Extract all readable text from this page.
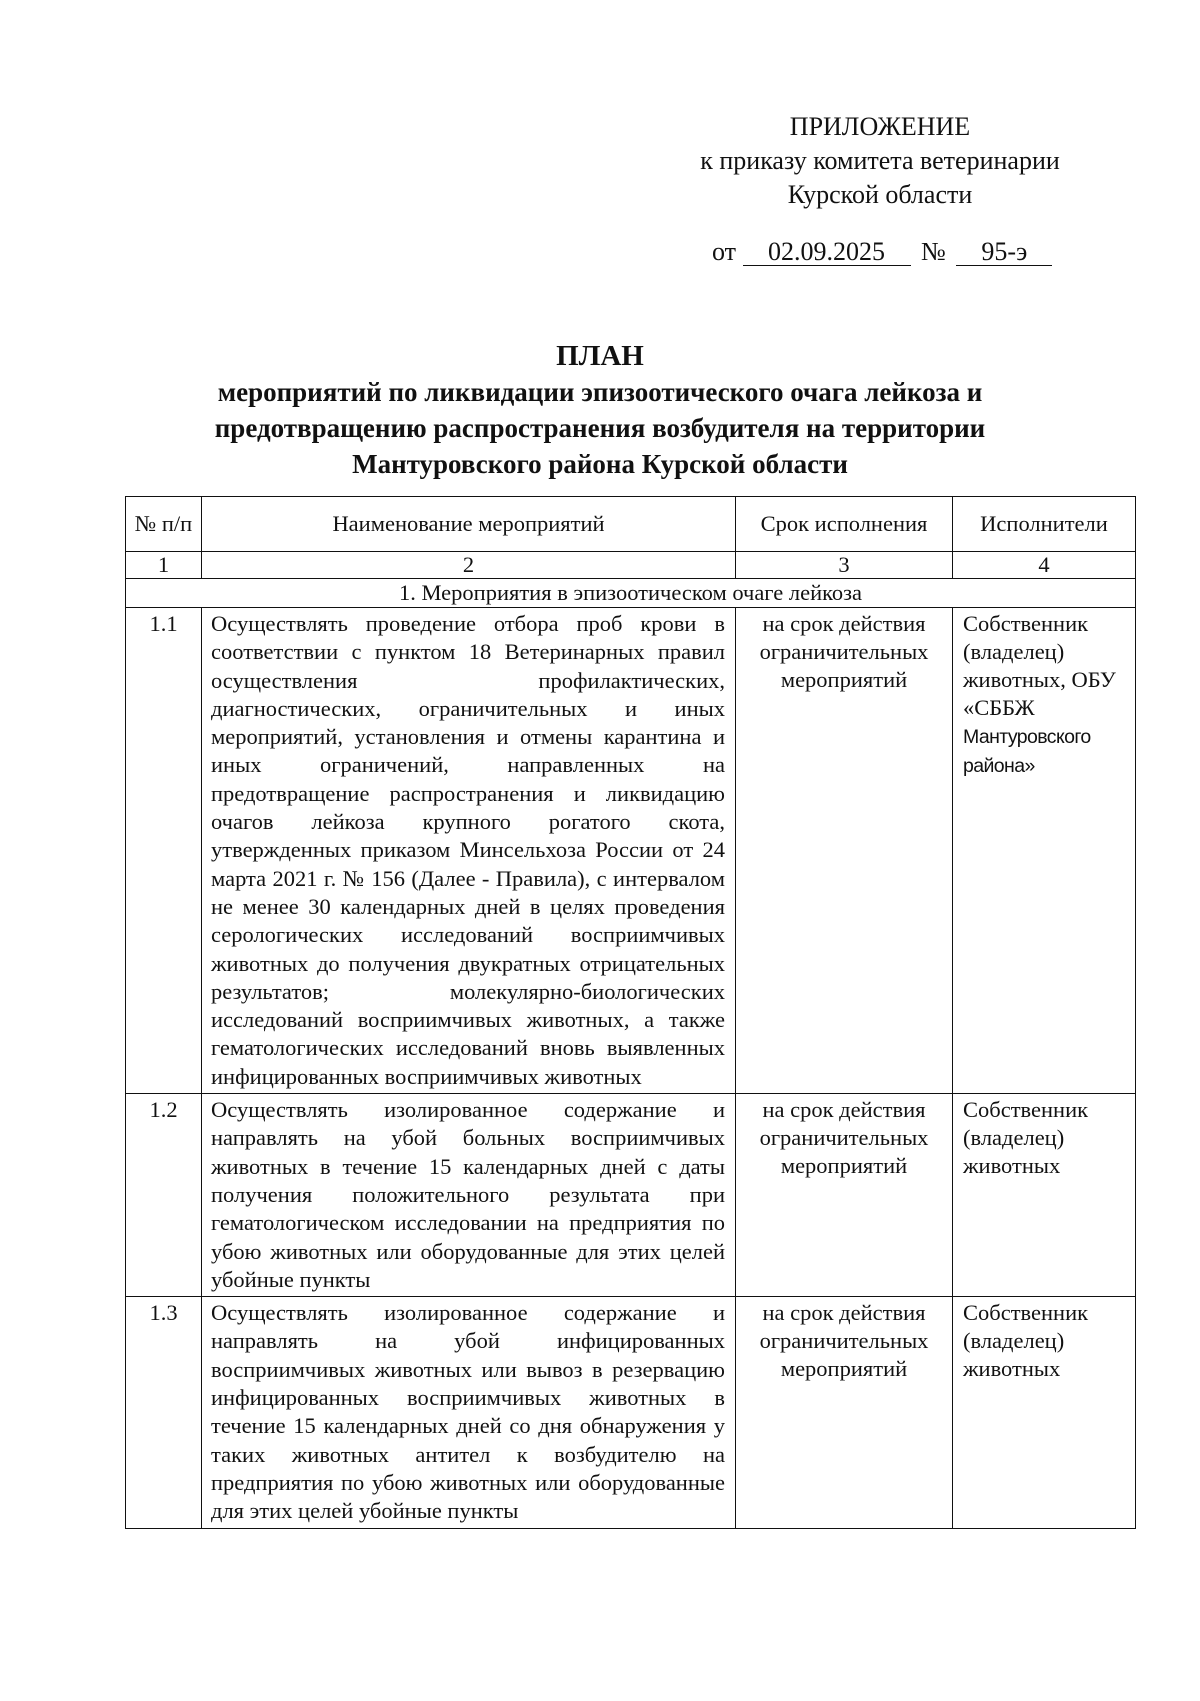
ПРИЛОЖЕНИЕ
к приказу комитета ветеринарии
Курской области
от 02.09.2025 № 95-э
ПЛАН
мероприятий по ликвидации эпизоотического очага лейкоза и
предотвращению распространения возбудителя на территории
Мантуровского района Курской области
№ п/п	Наименование мероприятий	Срок исполнения	Исполнители
1	2	3	4
1. Мероприятия в эпизоотическом очаге лейкоза			
1.1	Осуществлять проведение отбора проб крови в соответствии с пунктом 18 Ветеринарных правил осуществления профилактических, диагностических, ограничительных и иных мероприятий, установления и отмены карантина и иных ограничений, направленных на предотвращение распространения и ликвидацию очагов лейкоза крупного рогатого скота, утвержденных приказом Минсельхоза России от 24 марта 2021 г. № 156 (Далее - Правила), с интервалом не менее 30 календарных дней в целях проведения серологических исследований восприимчивых животных до получения двукратных отрицательных результатов; молекулярно-биологических исследований восприимчивых животных, а также гематологических исследований вновь выявленных инфицированных восприимчивых животных	на срок действия ограничительных мероприятий	Собственник (владелец) животных, ОБУ «СББЖ Мантуровского района»
1.2	Осуществлять изолированное содержание и направлять на убой больных восприимчивых животных в течение 15 календарных дней с даты получения положительного результата при гематологическом исследовании на предприятия по убою животных или оборудованные для этих целей убойные пункты	на срок действия ограничительных мероприятий	Собственник (владелец) животных
1.3	Осуществлять изолированное содержание и направлять на убой инфицированных восприимчивых животных или вывоз в резервацию инфицированных восприимчивых животных в течение 15 календарных дней со дня обнаружения у таких животных антител к возбудителю на предприятия по убою животных или оборудованные для этих целей убойные пункты	на срок действия ограничительных мероприятий	Собственник (владелец) животных
